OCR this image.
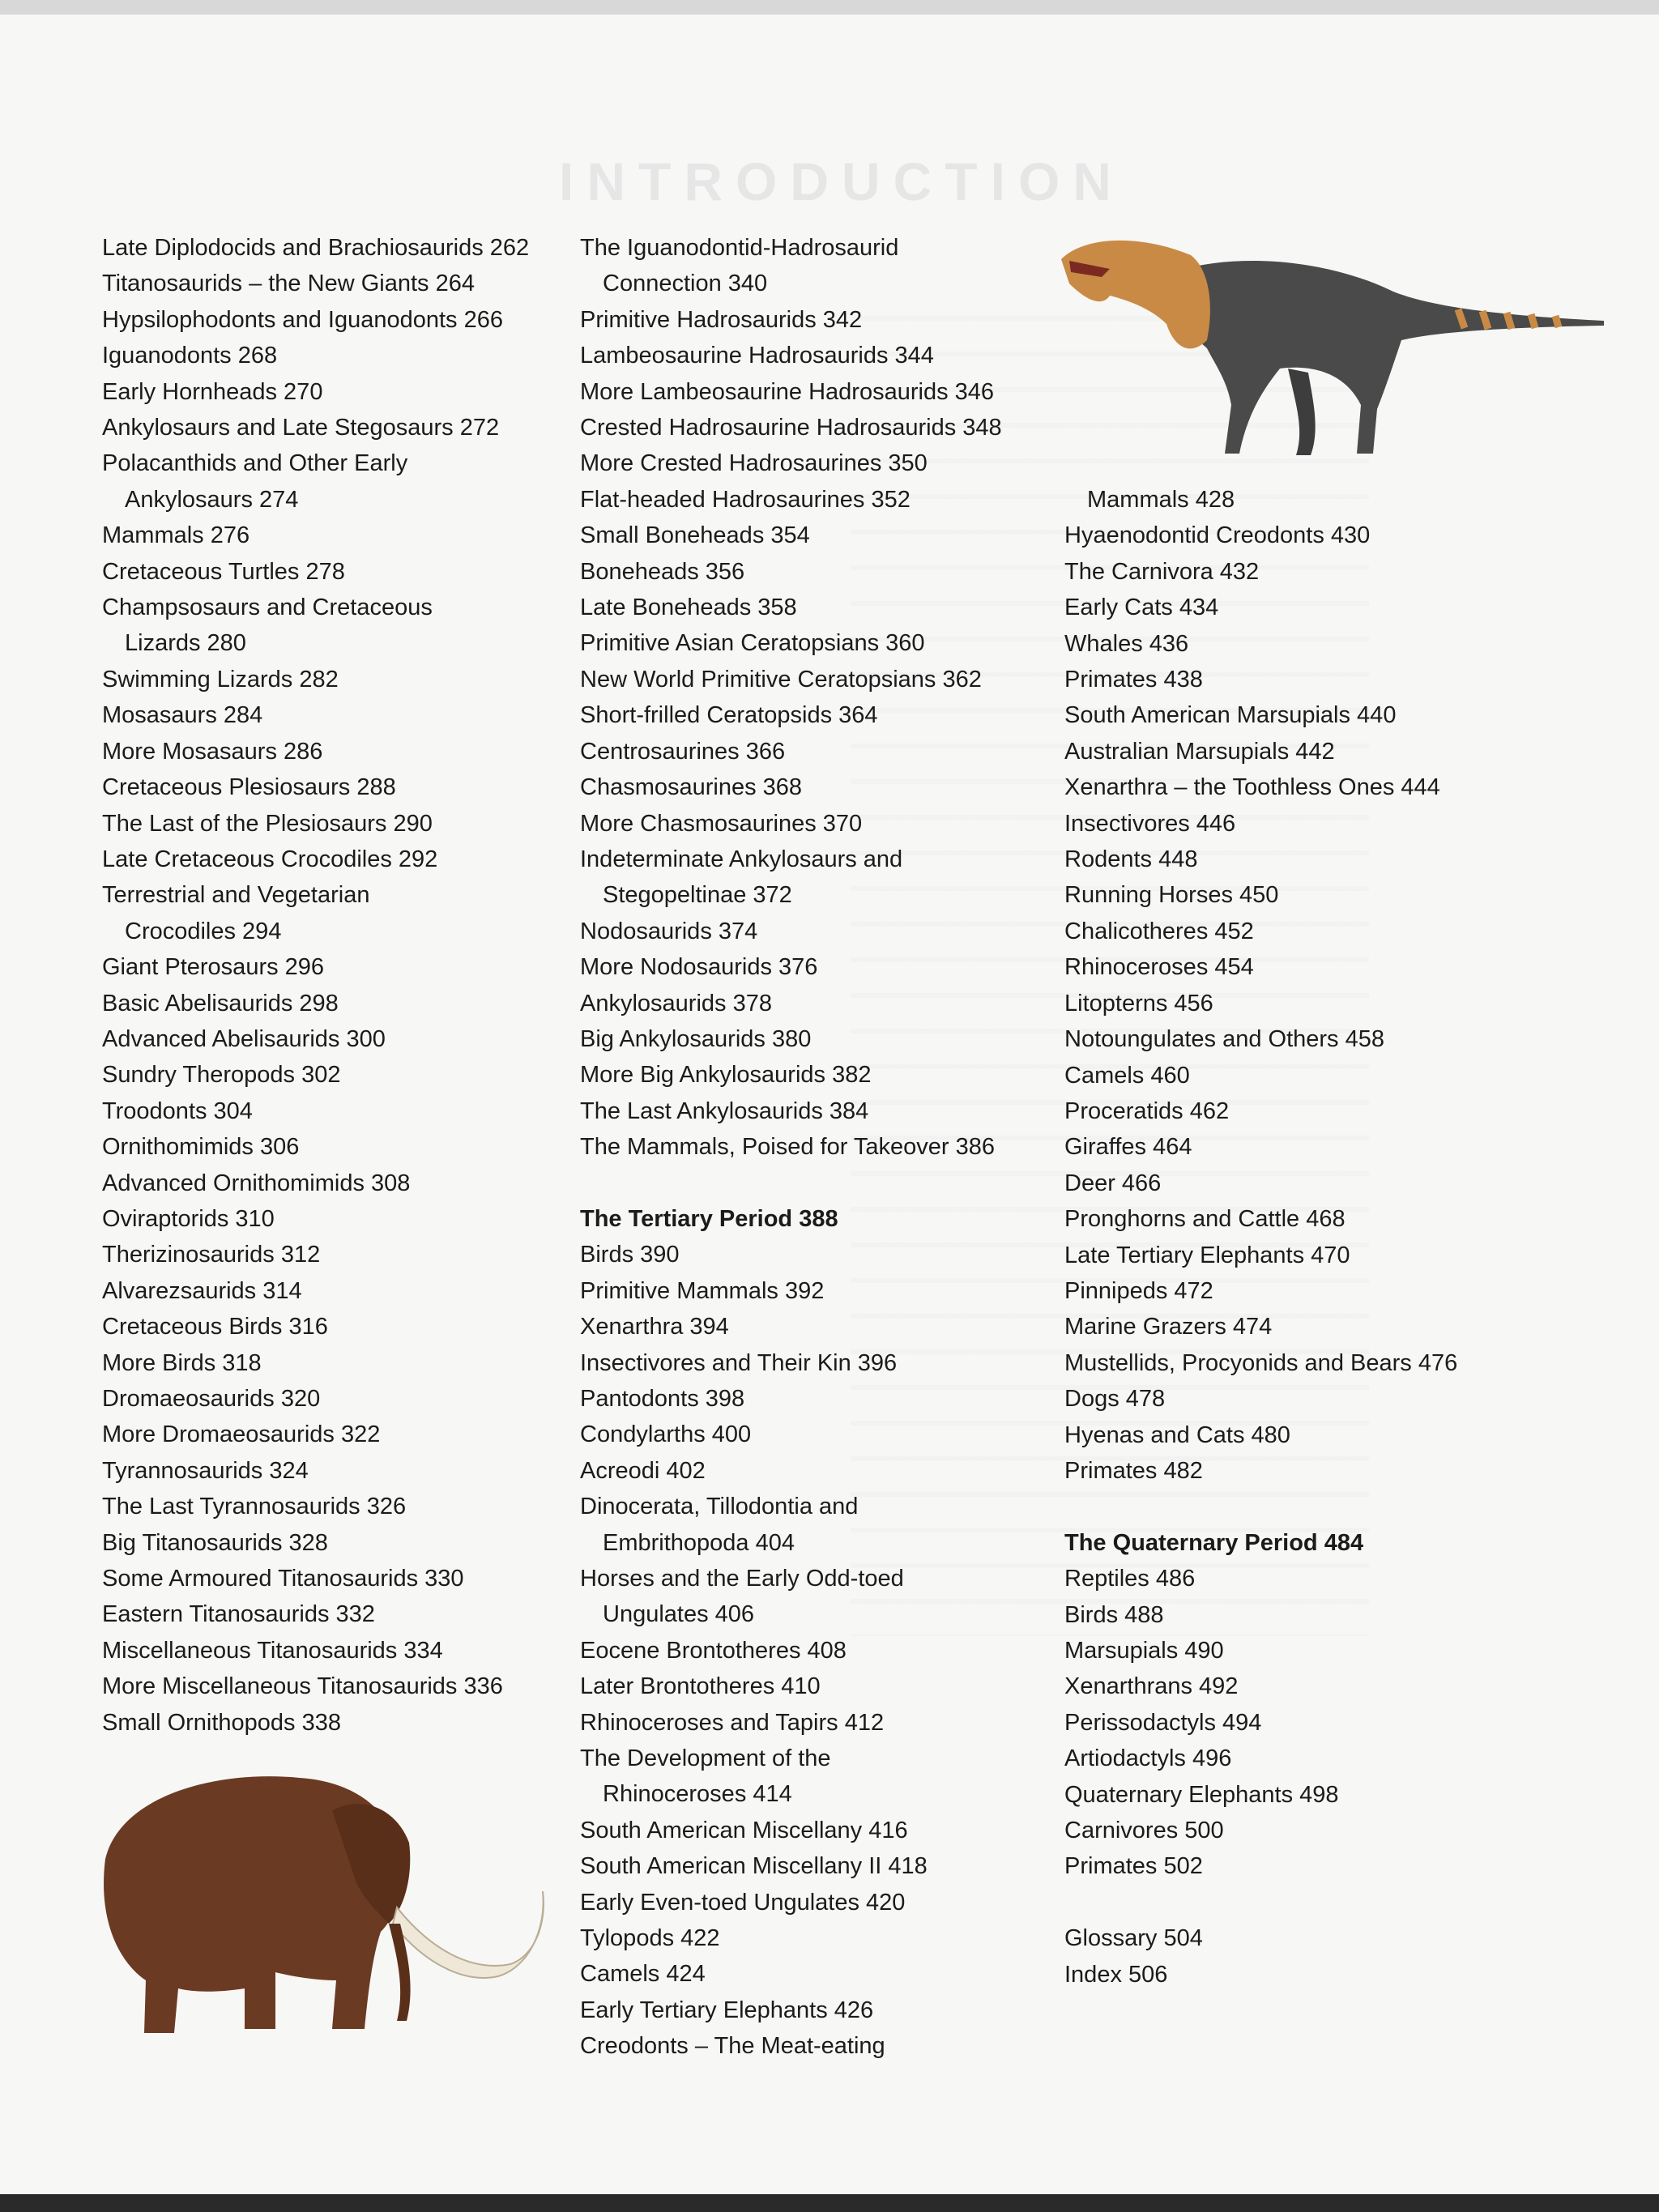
INTRODUCTION
Late Diplodocids and Brachiosaurids 262
Titanosaurids – the New Giants 264
Hypsilophodonts and Iguanodonts 266
Iguanodonts 268
Early Hornheads 270
Ankylosaurs and Late Stegosaurs 272
Polacanthids and Other Early
Ankylosaurs 274
Mammals 276
Cretaceous Turtles 278
Champsosaurs and Cretaceous
Lizards 280
Swimming Lizards 282
Mosasaurs 284
More Mosasaurs 286
Cretaceous Plesiosaurs 288
The Last of the Plesiosaurs 290
Late Cretaceous Crocodiles 292
Terrestrial and Vegetarian
Crocodiles 294
Giant Pterosaurs 296
Basic Abelisaurids 298
Advanced Abelisaurids 300
Sundry Theropods 302
Troodonts 304
Ornithomimids 306
Advanced Ornithomimids 308
Oviraptorids 310
Therizinosaurids 312
Alvarezsaurids 314
Cretaceous Birds 316
More Birds 318
Dromaeosaurids 320
More Dromaeosaurids 322
Tyrannosaurids 324
The Last Tyrannosaurids 326
Big Titanosaurids 328
Some Armoured Titanosaurids 330
Eastern Titanosaurids 332
Miscellaneous Titanosaurids 334
More Miscellaneous Titanosaurids 336
Small Ornithopods 338
The Iguanodontid-Hadrosaurid
Connection 340
Primitive Hadrosaurids 342
Lambeosaurine Hadrosaurids 344
More Lambeosaurine Hadrosaurids 346
Crested Hadrosaurine Hadrosaurids 348
More Crested Hadrosaurines 350
Flat-headed Hadrosaurines 352
Small Boneheads 354
Boneheads 356
Late Boneheads 358
Primitive Asian Ceratopsians 360
New World Primitive Ceratopsians 362
Short-frilled Ceratopsids 364
Centrosaurines 366
Chasmosaurines 368
More Chasmosaurines 370
Indeterminate Ankylosaurs and
Stegopeltinae 372
Nodosaurids 374
More Nodosaurids 376
Ankylosaurids 378
Big Ankylosaurids 380
More Big Ankylosaurids 382
The Last Ankylosaurids 384
The Mammals, Poised for Takeover 386
The Tertiary Period 388
Birds 390
Primitive Mammals 392
Xenarthra 394
Insectivores and Their Kin 396
Pantodonts 398
Condylarths 400
Acreodi 402
Dinocerata, Tillodontia and
Embrithopoda 404
Horses and the Early Odd-toed
Ungulates 406
Eocene Brontotheres 408
Later Brontotheres 410
Rhinoceroses and Tapirs 412
The Development of the
Rhinoceroses 414
South American Miscellany 416
South American Miscellany II 418
Early Even-toed Ungulates 420
Tylopods 422
Camels 424
Early Tertiary Elephants 426
Creodonts – The Meat-eating
Mammals 428
Hyaenodontid Creodonts 430
The Carnivora 432
Early Cats 434
Whales 436
Primates 438
South American Marsupials 440
Australian Marsupials 442
Xenarthra – the Toothless Ones 444
Insectivores 446
Rodents 448
Running Horses 450
Chalicotheres 452
Rhinoceroses 454
Litopterns 456
Notoungulates and Others 458
Camels 460
Proceratids 462
Giraffes 464
Deer 466
Pronghorns and Cattle 468
Late Tertiary Elephants 470
Pinnipeds 472
Marine Grazers 474
Mustellids, Procyonids and Bears 476
Dogs 478
Hyenas and Cats 480
Primates 482
The Quaternary Period 484
Reptiles 486
Birds 488
Marsupials 490
Xenarthrans 492
Perissodactyls 494
Artiodactyls 496
Quaternary Elephants 498
Carnivores 500
Primates 502
Glossary 504
Index 506
